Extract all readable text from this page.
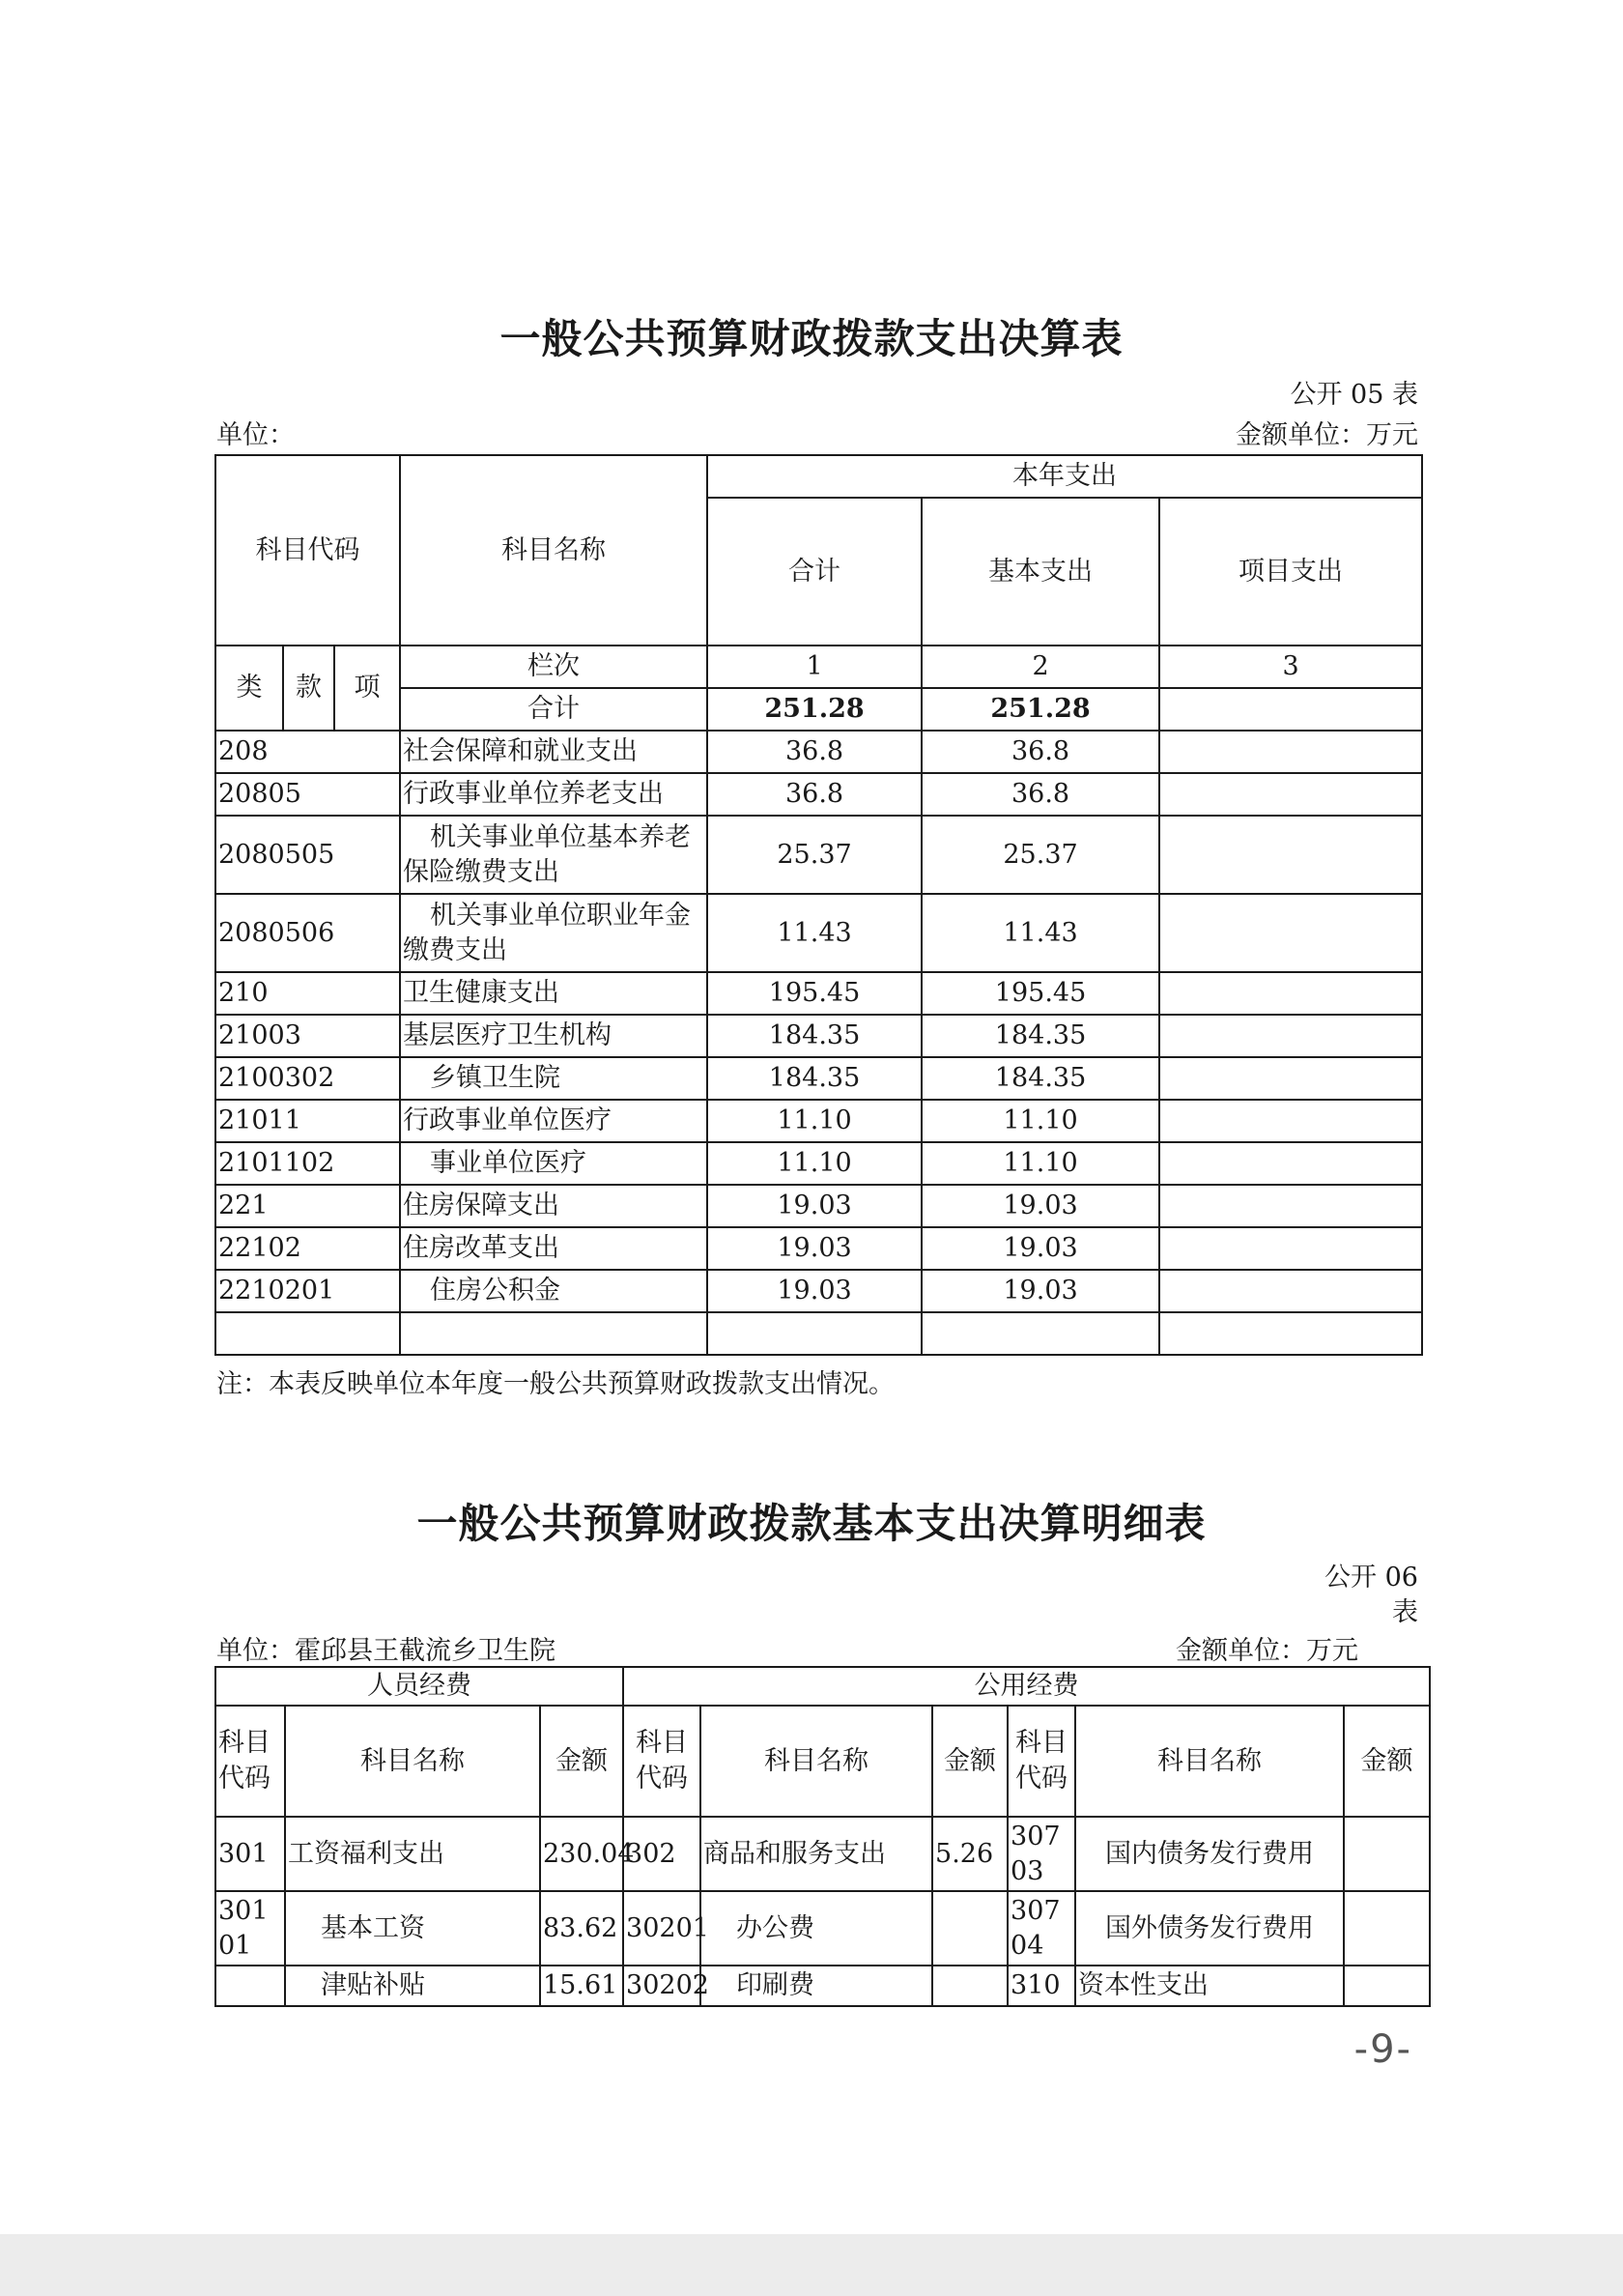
一般公共预算财政拨款支出决算表
公开 05 表
单位：	金额单位：万元
科目代码			科目名称	本年支出		
				合计	基本支出	项目支出
类	款	项	栏次	1	2	3
			合计	251.28	251.28	
208			社会保障和就业支出	36.8	36.8	
20805			行政事业单位养老支出	36.8	36.8	
2080505			机关事业单位基本养老保险缴费支出	25.37	25.37	
2080506			机关事业单位职业年金缴费支出	11.43	11.43	
210			卫生健康支出	195.45	195.45	
21003			基层医疗卫生机构	184.35	184.35	
2100302			乡镇卫生院	184.35	184.35	
21011			行政事业单位医疗	11.10	11.10	
2101102			事业单位医疗	11.10	11.10	
221			住房保障支出	19.03	19.03	
22102			住房改革支出	19.03	19.03	
2210201			住房公积金	19.03	19.03	

注：本表反映单位本年度一般公共预算财政拨款支出情况。
一般公共预算财政拨款基本支出决算明细表
公开 06
表
单位：霍邱县王截流乡卫生院	金额单位：万元
人员经费			公用经费					
科目代码	科目名称	金额	科目代码	科目名称	金额	科目代码	科目名称	金额
301	工资福利支出	230.04	302	商品和服务支出	5.26	30703	国内债务发行费用	
30101	基本工资	83.62	30201	办公费		30704	国外债务发行费用	
	津贴补贴	15.61	30202	印刷费		310	资本性支出	
-9-
